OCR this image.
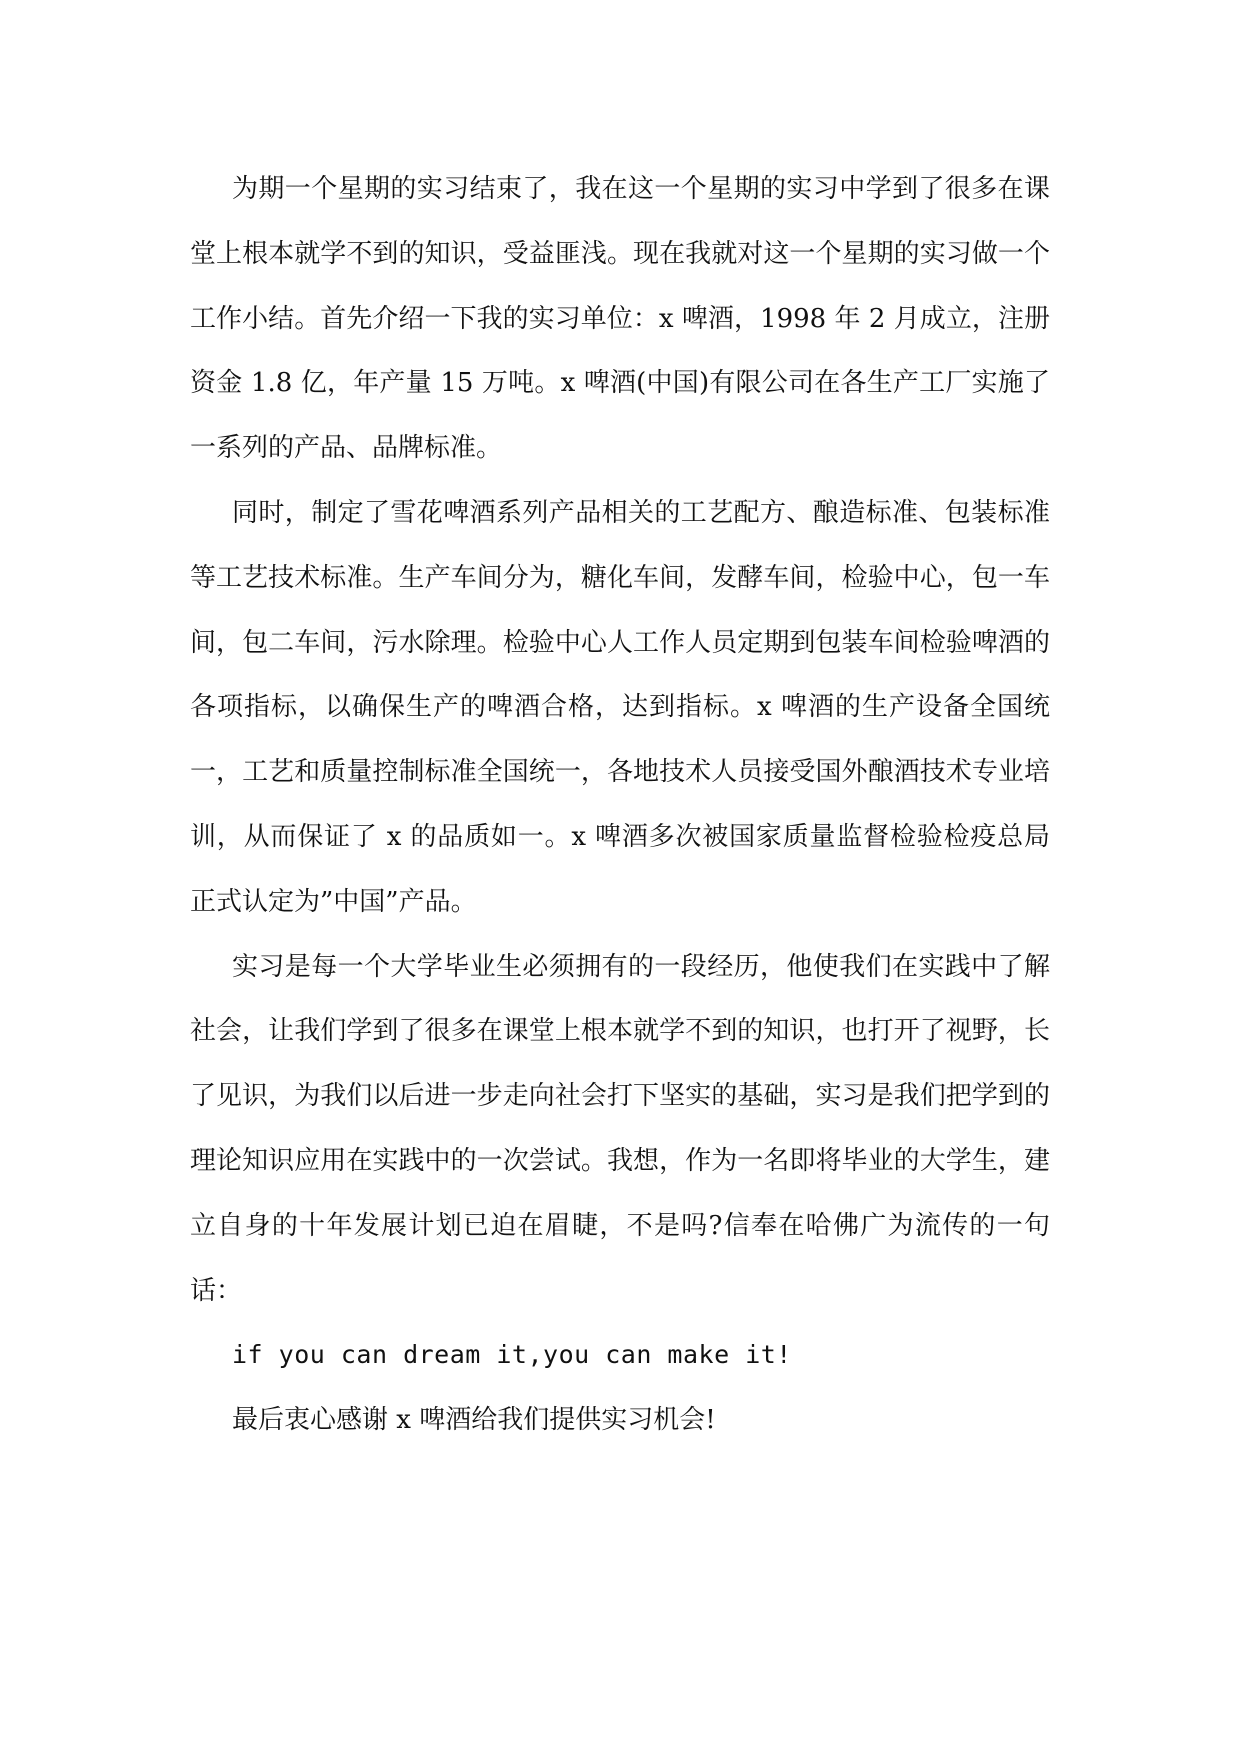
为期一个星期的实习结束了，我在这一个星期的实习中学到了很多在课堂上根本就学不到的知识，受益匪浅。现在我就对这一个星期的实习做一个工作小结。首先介绍一下我的实习单位：x 啤酒，1998 年 2 月成立，注册资金 1.8 亿，年产量 15 万吨。x 啤酒(中国)有限公司在各生产工厂实施了一系列的产品、品牌标准。

同时，制定了雪花啤酒系列产品相关的工艺配方、酿造标准、包装标准等工艺技术标准。生产车间分为，糖化车间，发酵车间，检验中心，包一车间，包二车间，污水除理。检验中心人工作人员定期到包装车间检验啤酒的各项指标，以确保生产的啤酒合格，达到指标。x 啤酒的生产设备全国统一，工艺和质量控制标准全国统一，各地技术人员接受国外酿酒技术专业培训，从而保证了 x 的品质如一。x 啤酒多次被国家质量监督检验检疫总局正式认定为”中国”产品。

实习是每一个大学毕业生必须拥有的一段经历，他使我们在实践中了解社会，让我们学到了很多在课堂上根本就学不到的知识，也打开了视野，长了见识，为我们以后进一步走向社会打下坚实的基础，实习是我们把学到的理论知识应用在实践中的一次尝试。我想，作为一名即将毕业的大学生，建立自身的十年发展计划已迫在眉睫，不是吗?信奉在哈佛广为流传的一句话：

if you can dream it,you can make it!

最后衷心感谢 x 啤酒给我们提供实习机会!
